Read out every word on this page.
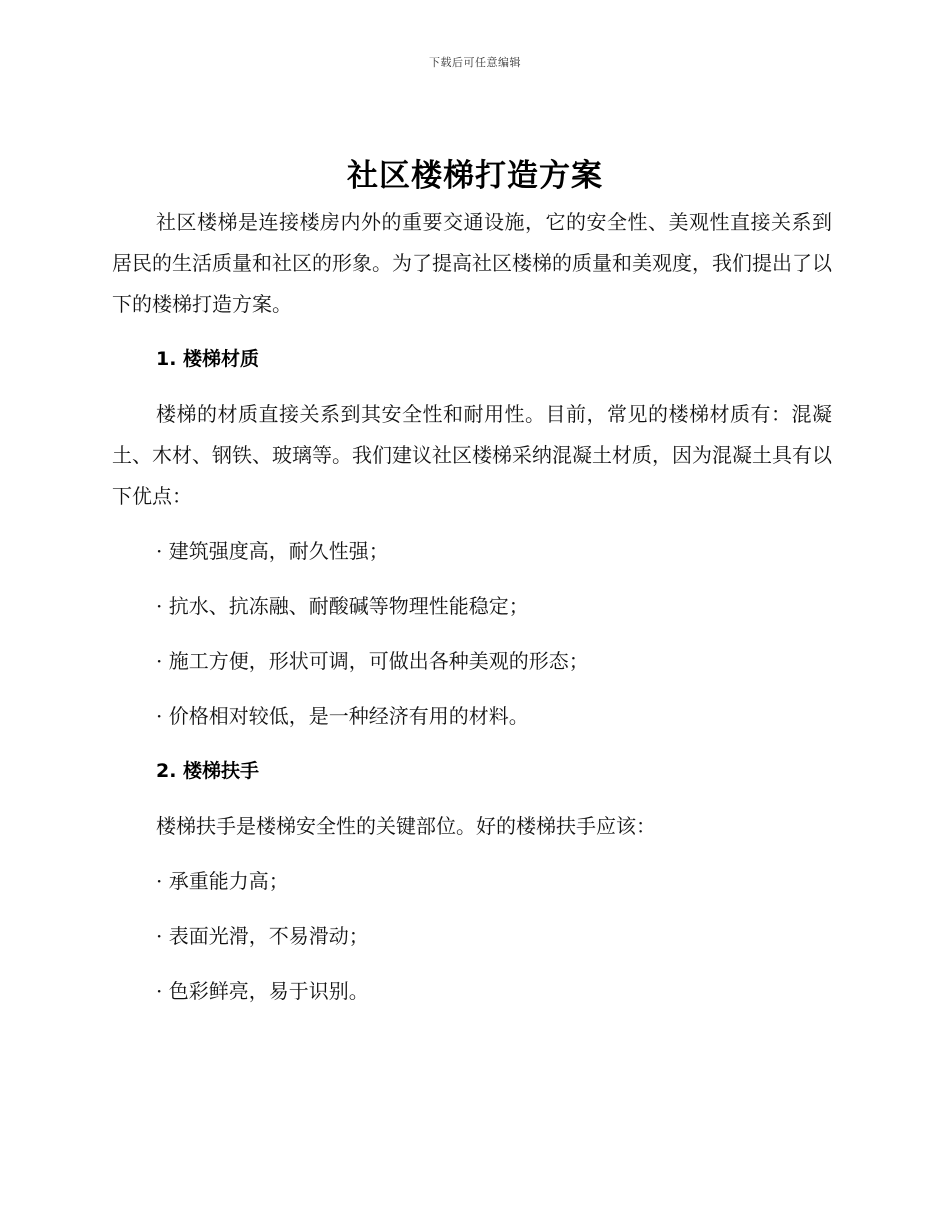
下载后可任意编辑
社区楼梯打造方案

社区楼梯是连接楼房内外的重要交通设施，它的安全性、美观性直接关系到居民的生活质量和社区的形象。为了提高社区楼梯的质量和美观度，我们提出了以下的楼梯打造方案。

1. 楼梯材质

楼梯的材质直接关系到其安全性和耐用性。目前，常见的楼梯材质有：混凝土、木材、钢铁、玻璃等。我们建议社区楼梯采纳混凝土材质，因为混凝土具有以下优点：

· 建筑强度高，耐久性强；
· 抗水、抗冻融、耐酸碱等物理性能稳定；
· 施工方便，形状可调，可做出各种美观的形态；
· 价格相对较低，是一种经济有用的材料。
2. 楼梯扶手

楼梯扶手是楼梯安全性的关键部位。好的楼梯扶手应该：

· 承重能力高；
· 表面光滑，不易滑动；
· 色彩鲜亮，易于识别。
